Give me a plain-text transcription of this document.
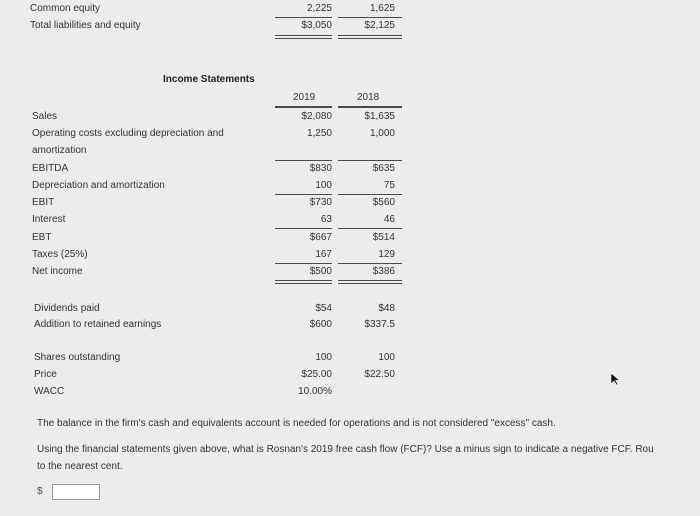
Common equity	2,225	1,625
Total liabilities and equity	$3,050	$2,125
Income Statements
2019	2018
Sales	$2,080	$1,635
Operating costs excluding depreciation and
amortization
1,250	1,000
EBITDA	$830	$635
Depreciation and amortization	100	75
EBIT	$730	$560
Interest	63	46
EBT	$667	$514
Taxes (25%)	167	129
Net income	$500	$386
Dividends paid	$54	$48
Addition to retained earnings	$600	$337.5
Shares outstanding	100	100
Price	$25.00	$22.50
WACC	10.00%
The balance in the firm's cash and equivalents account is needed for operations and is not considered "excess" cash.
Using the financial statements given above, what is Rosnan's 2019 free cash flow (FCF)? Use a minus sign to indicate a negative FCF. Rou
to the nearest cent.
$
